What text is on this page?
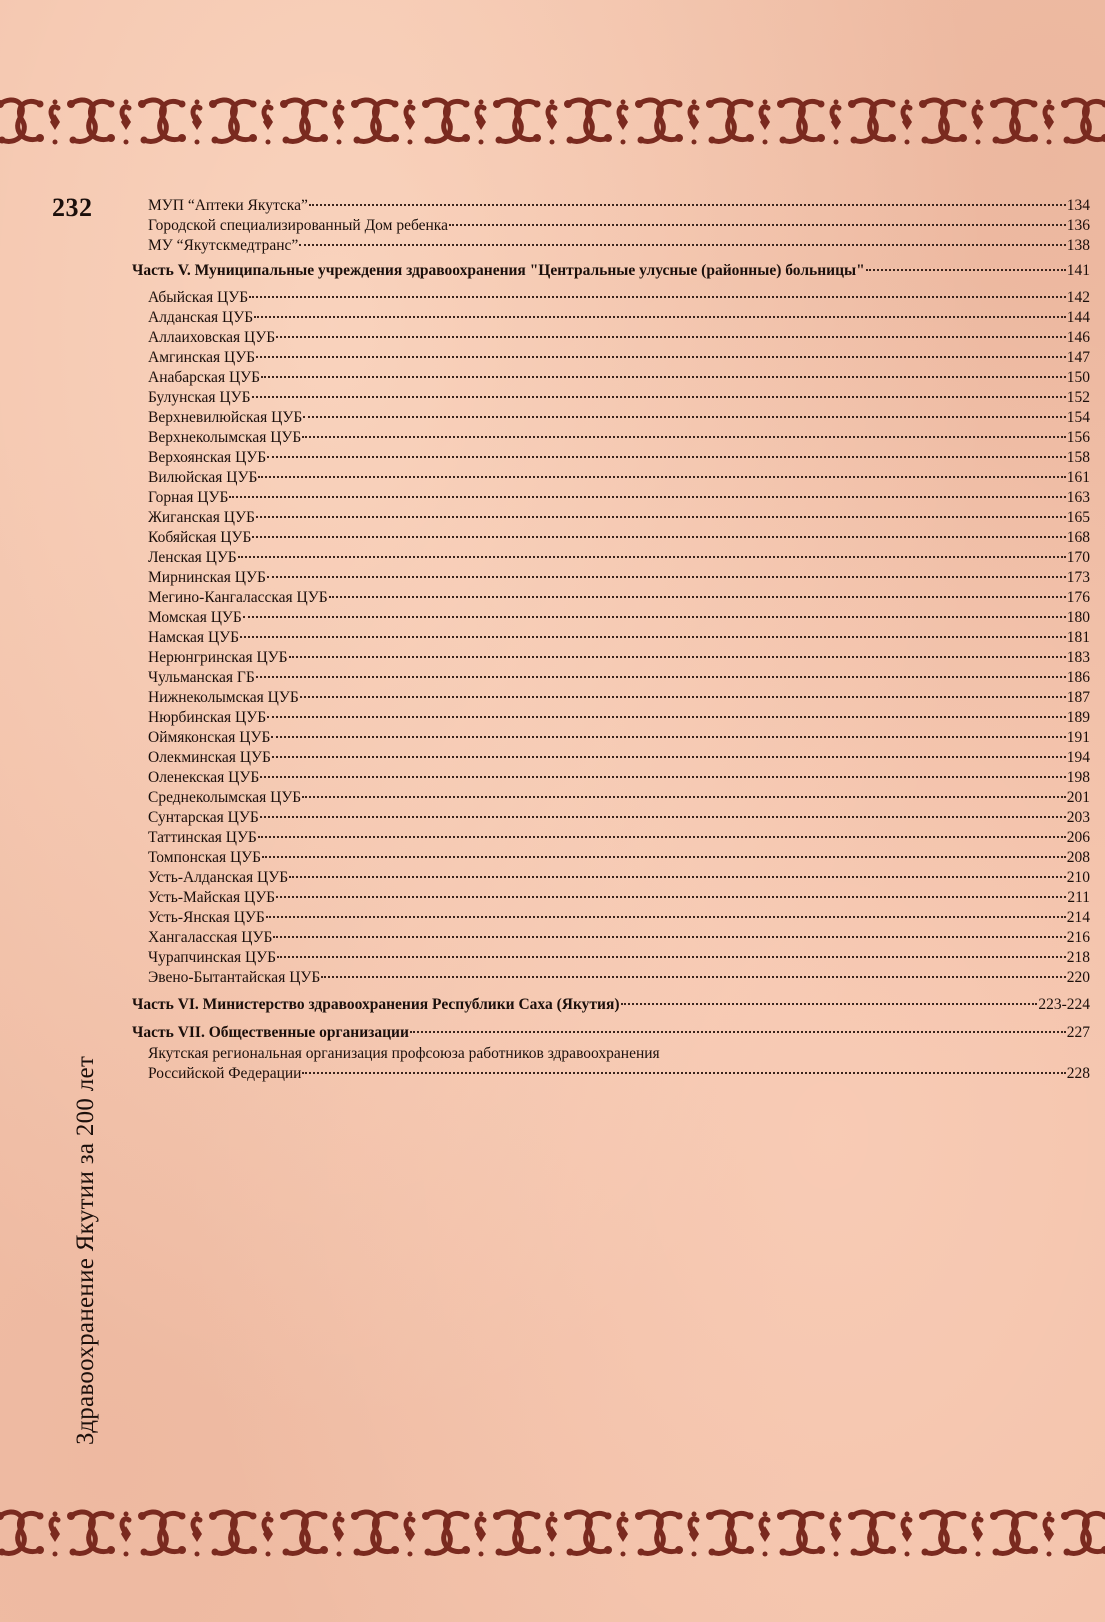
232
Здравоохранение Якутии за 200 лет
МУП “Аптеки Якутска”	134
Городской специализированный Дом ребенка	136
МУ “Якутскмедтранс”	138
Часть V. Муниципальные учреждения здравоохранения "Центральные улусные (районные) больницы"	141
Абыйская ЦУБ	142
Алданская ЦУБ	144
Аллаиховская ЦУБ	146
Амгинская ЦУБ	147
Анабарская ЦУБ	150
Булунская ЦУБ	152
Верхневилюйская ЦУБ	154
Верхнеколымская ЦУБ	156
Верхоянская ЦУБ	158
Вилюйская ЦУБ	161
Горная ЦУБ	163
Жиганская ЦУБ	165
Кобяйская ЦУБ	168
Ленская ЦУБ	170
Мирнинская ЦУБ	173
Мегино-Кангаласская ЦУБ	176
Момская ЦУБ	180
Намская ЦУБ	181
Нерюнгринская ЦУБ	183
Чульманская ГБ	186
Нижнеколымская ЦУБ	187
Нюрбинская ЦУБ	189
Оймяконская ЦУБ	191
Олекминская ЦУБ	194
Оленекская ЦУБ	198
Среднеколымская ЦУБ	201
Сунтарская ЦУБ	203
Таттинская ЦУБ	206
Томпонская ЦУБ	208
Усть-Алданская ЦУБ	210
Усть-Майская ЦУБ	211
Усть-Янская ЦУБ	214
Хангаласская ЦУБ	216
Чурапчинская ЦУБ	218
Эвено-Бытантайская ЦУБ	220
Часть VI. Министерство здравоохранения Республики Саха (Якутия)	223-224
Часть VII. Общественные организации	227
Якутская региональная организация профсоюза работников здравоохранения
Российской Федерации	228
